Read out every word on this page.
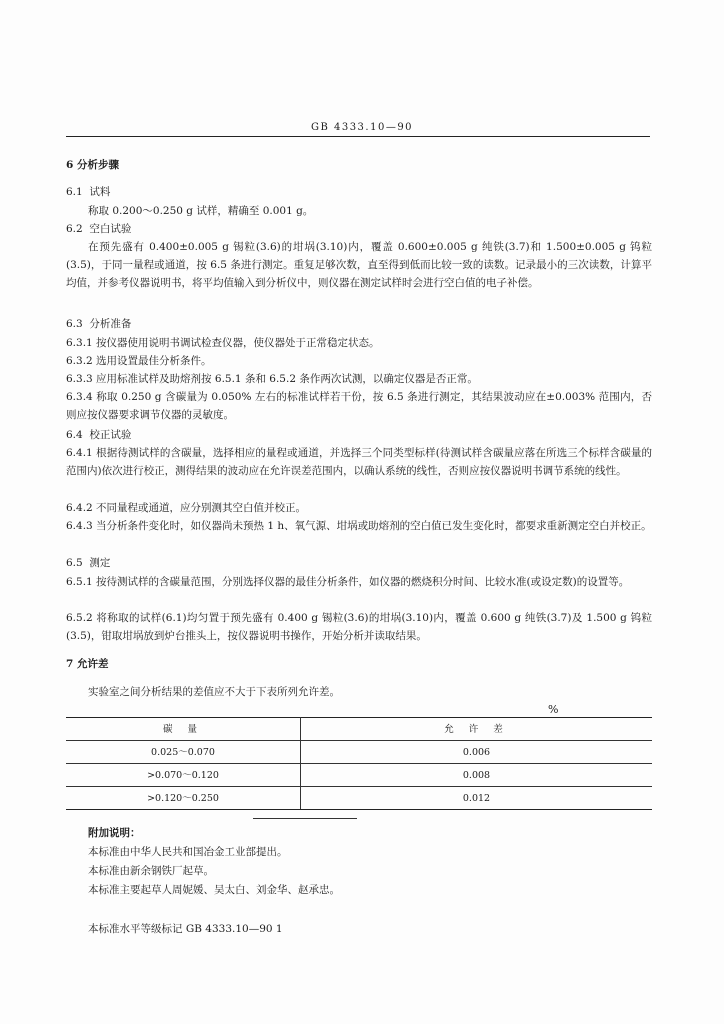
GB 4333.10—90
6 分析步骤
6.1 试料
称取 0.200～0.250 g 试样，精确至 0.001 g。
6.2 空白试验
在预先盛有 0.400±0.005 g 锡粒(3.6)的坩埚(3.10)内，覆盖 0.600±0.005 g 纯铁(3.7)和 1.500±0.005 g 钨粒(3.5)，于同一量程或通道，按 6.5 条进行测定。重复足够次数，直至得到低而比较一致的读数。记录最小的三次读数，计算平均值，并参考仪器说明书，将平均值输入到分析仪中，则仪器在测定试样时会进行空白值的电子补偿。
6.3 分析准备
6.3.1 按仪器使用说明书调试检查仪器，使仪器处于正常稳定状态。
6.3.2 选用设置最佳分析条件。
6.3.3 应用标准试样及助熔剂按 6.5.1 条和 6.5.2 条作两次试测，以确定仪器是否正常。
6.3.4 称取 0.250 g 含碳量为 0.050% 左右的标准试样若干份，按 6.5 条进行测定，其结果波动应在±0.003% 范围内，否则应按仪器要求调节仪器的灵敏度。
6.4 校正试验
6.4.1 根据待测试样的含碳量，选择相应的量程或通道，并选择三个同类型标样(待测试样含碳量应落在所选三个标样含碳量的范围内)依次进行校正，测得结果的波动应在允许误差范围内，以确认系统的线性，否则应按仪器说明书调节系统的线性。
6.4.2 不同量程或通道，应分别测其空白值并校正。
6.4.3 当分析条件变化时，如仪器尚未预热 1 h、氧气源、坩埚或助熔剂的空白值已发生变化时，都要求重新测定空白并校正。
6.5 测定
6.5.1 按待测试样的含碳量范围，分别选择仪器的最佳分析条件，如仪器的燃烧积分时间、比较水准(或设定数)的设置等。
6.5.2 将称取的试样(6.1)均匀置于预先盛有 0.400 g 锡粒(3.6)的坩埚(3.10)内，覆盖 0.600 g 纯铁(3.7)及 1.500 g 钨粒(3.5)，钳取坩埚放到炉台推头上，按仪器说明书操作，开始分析并读取结果。
7 允许差
实验室之间分析结果的差值应不大于下表所列允许差。
%
碳 量	允 许 差
0.025～0.070	0.006
>0.070～0.120	0.008
>0.120～0.250	0.012
附加说明：
本标准由中华人民共和国冶金工业部提出。
本标准由新余钢铁厂起草。
本标准主要起草人周妮媛、吴太白、刘金华、赵承忠。
本标准水平等级标记 GB 4333.10—90 1
